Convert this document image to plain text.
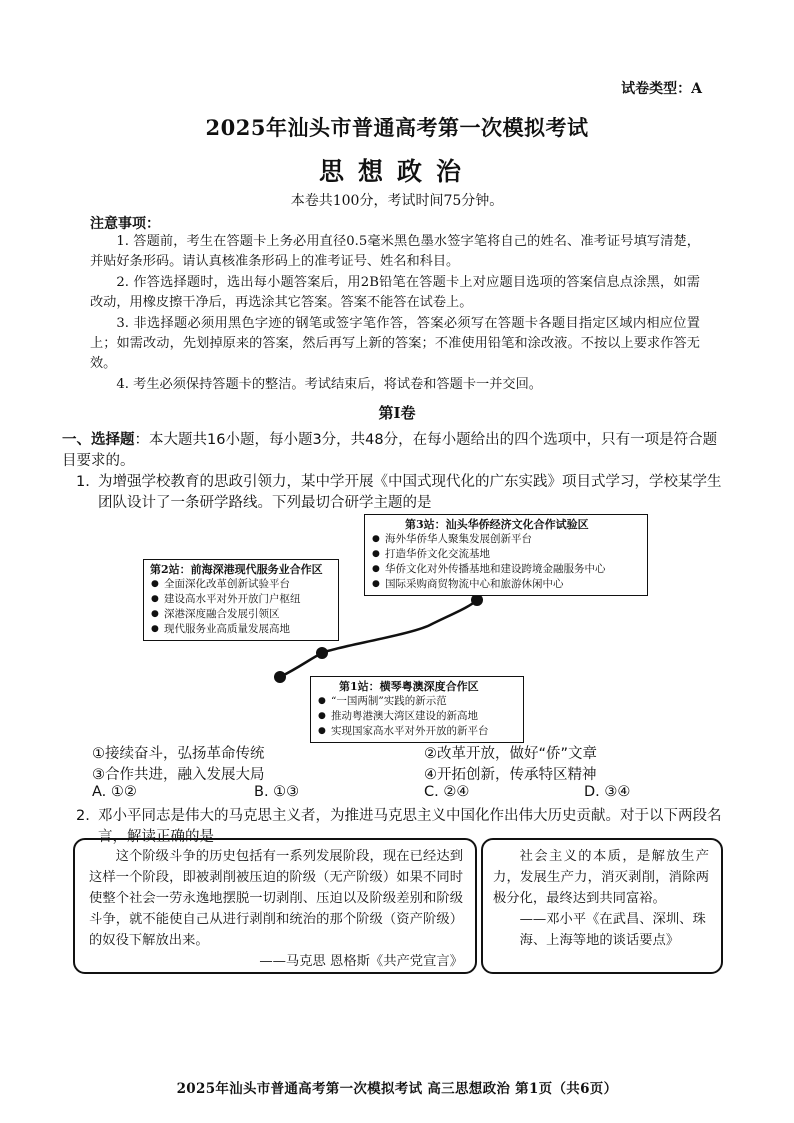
试卷类型：A
2025年汕头市普通高考第一次模拟考试
思想政治
本卷共100分，考试时间75分钟。
注意事项：

1. 答题前，考生在答题卡上务必用直径0.5毫米黑色墨水签字笔将自己的姓名、准考证号填写清楚，并贴好条形码。请认真核准条形码上的准考证号、姓名和科目。

2. 作答选择题时，选出每小题答案后，用2B铅笔在答题卡上对应题目选项的答案信息点涂黑，如需改动，用橡皮擦干净后，再选涂其它答案。答案不能答在试卷上。

3. 非选择题必须用黑色字迹的钢笔或签字笔作答，答案必须写在答题卡各题目指定区域内相应位置上；如需改动，先划掉原来的答案，然后再写上新的答案；不准使用铅笔和涂改液。不按以上要求作答无效。

4. 考生必须保持答题卡的整洁。考试结束后，将试卷和答题卡一并交回。

第Ⅰ卷
一、选择题：本大题共16小题，每小题3分，共48分，在每小题给出的四个选项中，只有一项是符合题目要求的。
1. 为增强学校教育的思政引领力，某中学开展《中国式现代化的广东实践》项目式学习，学校某学生团队设计了一条研学路线。下列最切合研学主题的是
第3站：汕头华侨经济文化合作试验区
● 海外华侨华人聚集发展创新平台
● 打造华侨文化交流基地
● 华侨文化对外传播基地和建设跨境金融服务中心
● 国际采购商贸物流中心和旅游休闲中心
第2站：前海深港现代服务业合作区
● 全面深化改革创新试验平台
● 建设高水平对外开放门户枢纽
● 深港深度融合发展引领区
● 现代服务业高质量发展高地
第1站：横琴粤澳深度合作区
● “一国两制”实践的新示范
● 推动粤港澳大湾区建设的新高地
● 实现国家高水平对外开放的新平台
①接续奋斗，弘扬革命传统	②改革开放，做好“侨”文章
③合作共进，融入发展大局	④开拓创新，传承特区精神
A. ①②	B. ①③	C. ②④	D. ③④
2. 邓小平同志是伟大的马克思主义者，为推进马克思主义中国化作出伟大历史贡献。对于以下两段名言，解读正确的是

这个阶级斗争的历史包括有一系列发展阶段，现在已经达到这样一个阶段，即被剥削被压迫的阶级（无产阶级）如果不同时使整个社会一劳永逸地摆脱一切剥削、压迫以及阶级差别和阶级斗争，就不能使自己从进行剥削和统治的那个阶级（资产阶级）的奴役下解放出来。

——马克思 恩格斯《共产党宣言》

社会主义的本质，是解放生产力，发展生产力，消灭剥削，消除两极分化，最终达到共同富裕。

——邓小平《在武昌、深圳、珠海、上海等地的谈话要点》

2025年汕头市普通高考第一次模拟考试 高三思想政治 第1页（共6页）
